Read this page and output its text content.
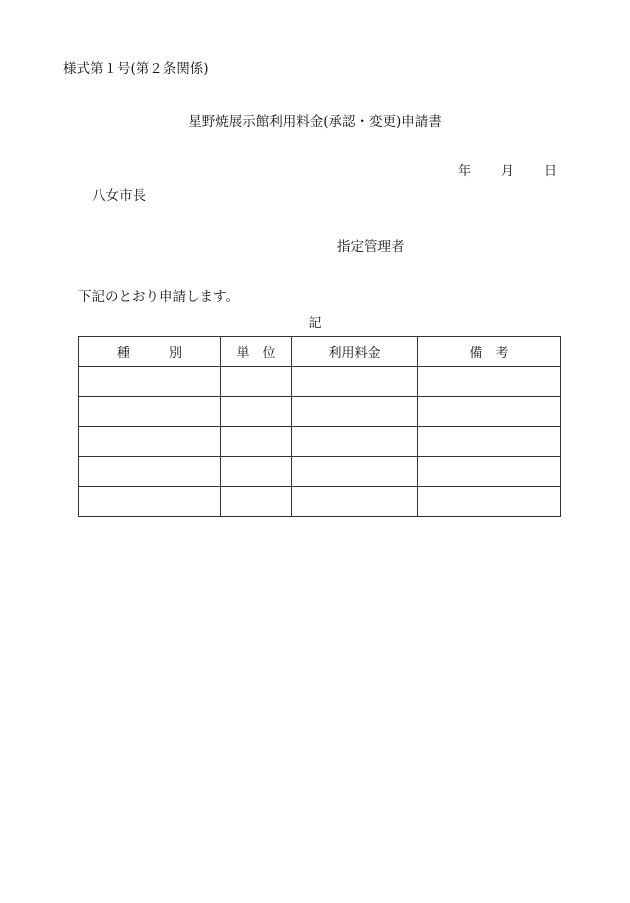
様式第１号(第２条関係)
星野焼展示館利用料金(承認・変更)申請書
年 月 日
八女市長
指定管理者
下記のとおり申請します。
記
種　　　別	単　位	利用料金	備　考
